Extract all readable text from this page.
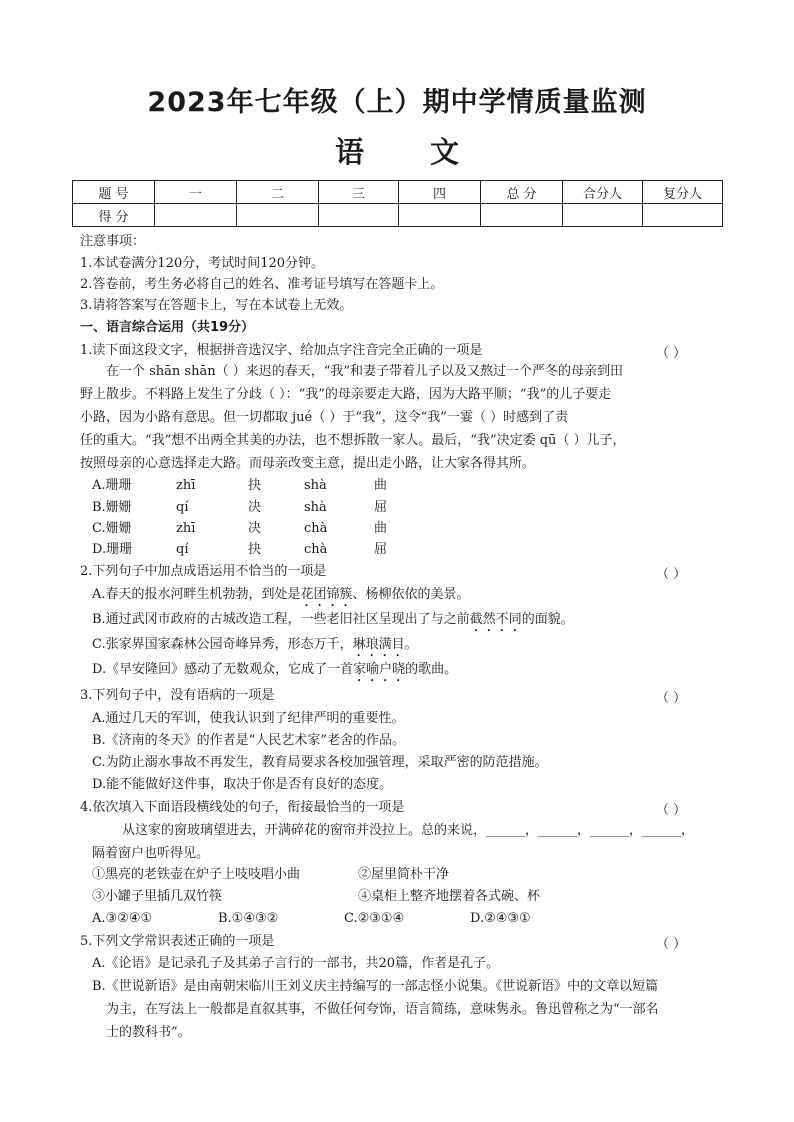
2023年七年级（上）期中学情质量监测
语 文
题 号	一	二	三	四	总 分	合分人	复分人
得 分							
注意事项：
1.本试卷满分120分，考试时间120分钟。
2.答卷前，考生务必将自己的姓名、准考证号填写在答题卡上。
3.请将答案写在答题卡上，写在本试卷上无效。
一、语言综合运用（共19分）
1.读下面这段文字，根据拼音选汉字、给加点字注音完全正确的一项是	（ ）
在一个 shān shān（ ）来迟的春天，“我”和妻子带着儿子以及又熬过一个严冬的母亲到田
野上散步。不料路上发生了分歧（ ）：“我”的母亲要走大路，因为大路平顺；“我”的儿子要走
小路，因为小路有意思。但一切都取 jué（ ）于“我”，这令“我”一霎（ ）时感到了责
任的重大。“我”想不出两全其美的办法，也不想拆散一家人。最后，“我”决定委 qū（ ）儿子，
按照母亲的心意选择走大路。而母亲改变主意，提出走小路，让大家各得其所。
A.珊珊	zhī	抉	shà	曲
B.姗姗	qí	决	shà	屈
C.姗姗	zhī	决	chà	曲
D.珊珊	qí	抉	chà	屈
2.下列句子中加点成语运用不恰当的一项是	（ ）
A.春天的报水河畔生机勃勃，到处是花团锦簇、杨柳依依的美景。
B.通过武冈市政府的古城改造工程，一些老旧社区呈现出了与之前截然不同的面貌。
C.张家界国家森林公园奇峰异秀，形态万千，琳琅满目。
D.《早安隆回》感动了无数观众，它成了一首家喻户晓的歌曲。
3.下列句子中，没有语病的一项是	（ ）
A.通过几天的军训，使我认识到了纪律严明的重要性。
B.《济南的冬天》的作者是“人民艺术家”老舍的作品。
C.为防止溺水事故不再发生，教育局要求各校加强管理，采取严密的防范措施。
D.能不能做好这件事，取决于你是否有良好的态度。
4.依次填入下面语段横线处的句子，衔接最恰当的一项是	（ ）
从这家的窗玻璃望进去，开满碎花的窗帘并没拉上。总的来说，______，______，______，______，
隔着窗户也听得见。
①黑亮的老铁壶在炉子上吱吱唱小曲	②屋里简朴干净
③小罐子里插几双竹筷	④桌柜上整齐地摆着各式碗、杯
A.③②④①	B.①④③②	C.②③①④	D.②④③①
5.下列文学常识表述正确的一项是	（ ）
A.《论语》是记录孔子及其弟子言行的一部书，共20篇，作者是孔子。
B.《世说新语》是由南朝宋临川王刘义庆主持编写的一部志怪小说集。《世说新语》中的文章以短篇
为主，在写法上一般都是直叙其事，不做任何夸饰，语言简练，意味隽永。鲁迅曾称之为“一部名
士的教科书”。
